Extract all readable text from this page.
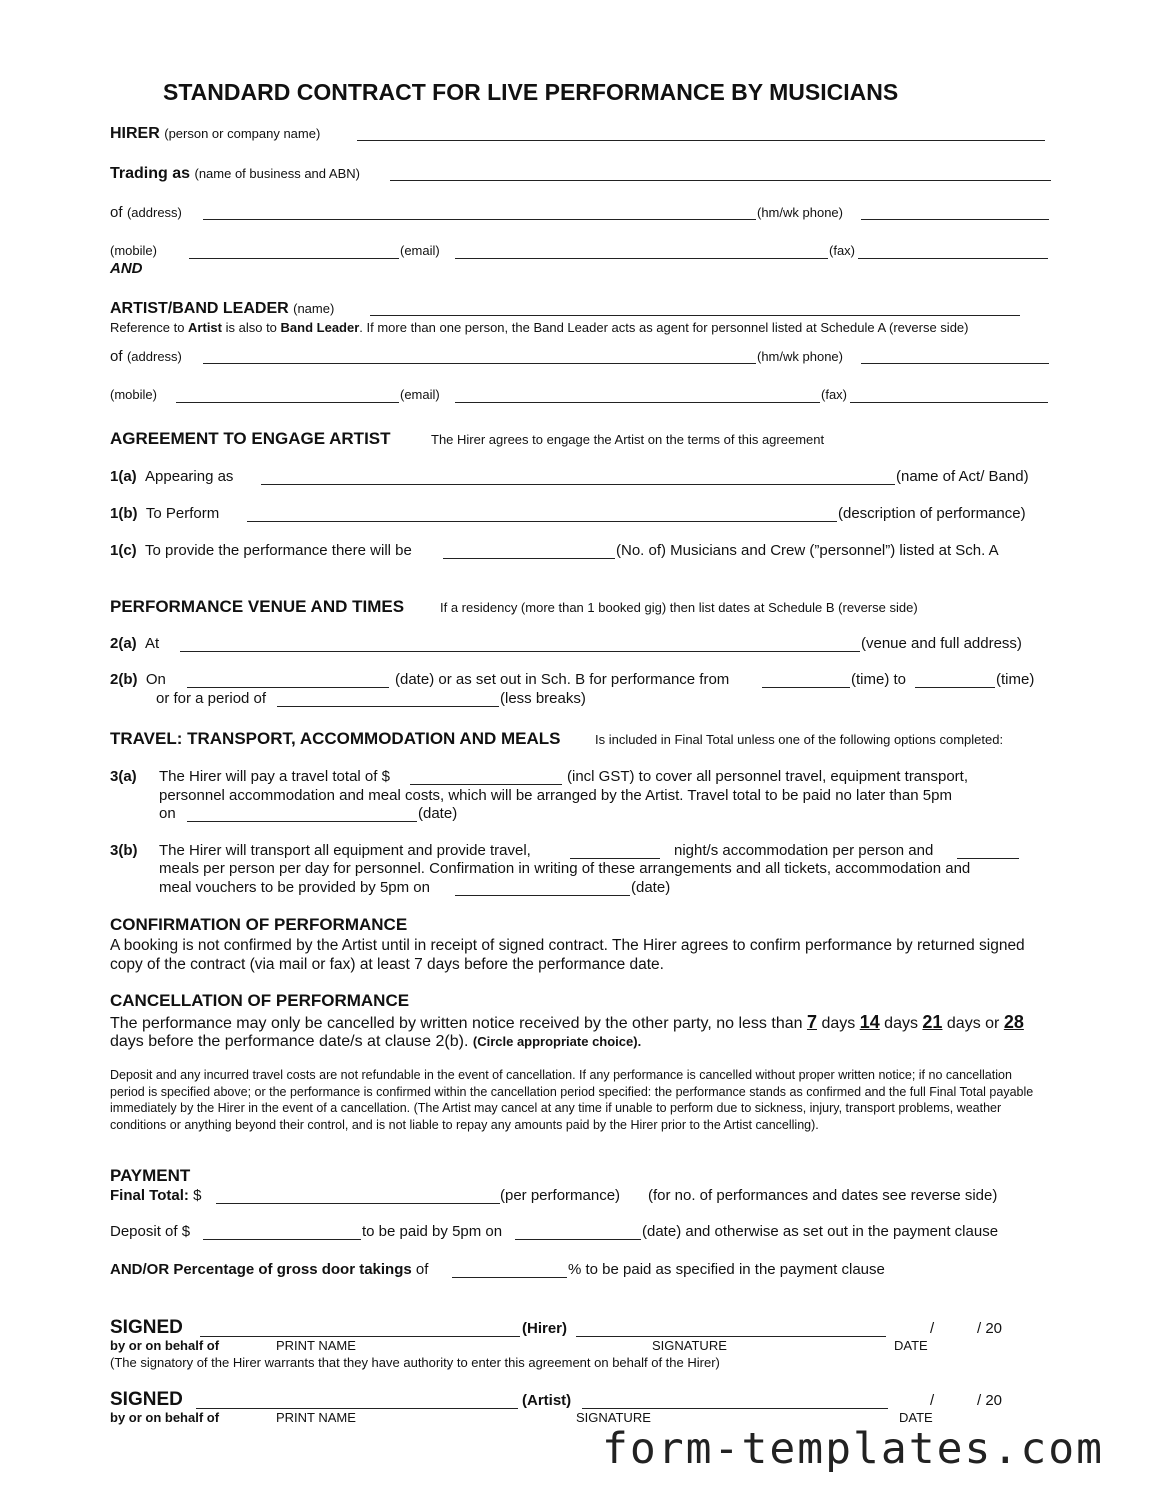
STANDARD CONTRACT FOR LIVE PERFORMANCE BY MUSICIANS
HIRER (person or company name)
Trading as (name of business and ABN)
of (address)	(hm/wk phone)
(mobile)	(email)	(fax)
AND
ARTIST/BAND LEADER (name)
Reference to Artist is also to Band Leader. If more than one person, the Band Leader acts as agent for personnel listed at Schedule A (reverse side)
of (address)	(hm/wk phone)
(mobile)	(email)	(fax)
AGREEMENT TO ENGAGE ARTIST	The Hirer agrees to engage the Artist on the terms of this agreement
1(a) Appearing as	(name of Act/ Band)
1(b) To Perform	(description of performance)
1(c) To provide the performance there will be	(No. of) Musicians and Crew (”personnel”) listed at Sch. A
PERFORMANCE VENUE AND TIMES	If a residency (more than 1 booked gig) then list dates at Schedule B (reverse side)
2(a) At	(venue and full address)
2(b) On	(date) or as set out in Sch. B for performance from	(time) to	(time)
or for a period of	(less breaks)
TRAVEL: TRANSPORT, ACCOMMODATION AND MEALS	Is included in Final Total unless one of the following options completed:
3(a) The Hirer will pay a travel total of $	(incl GST) to cover all personnel travel, equipment transport,
personnel accommodation and meal costs, which will be arranged by the Artist. Travel total to be paid no later than 5pm
on	(date)
3(b) The Hirer will transport all equipment and provide travel,	night/s accommodation per person and
meals per person per day for personnel. Confirmation in writing of these arrangements and all tickets, accommodation and
meal vouchers to be provided by 5pm on	(date)
CONFIRMATION OF PERFORMANCE
A booking is not confirmed by the Artist until in receipt of signed contract. The Hirer agrees to confirm performance by returned signed copy of the contract (via mail or fax) at least 7 days before the performance date.
CANCELLATION OF PERFORMANCE
The performance may only be cancelled by written notice received by the other party, no less than 7 days 14 days 21 days or 28
days before the performance date/s at clause 2(b). (Circle appropriate choice).
Deposit and any incurred travel costs are not refundable in the event of cancellation. If any performance is cancelled without proper written notice; if no cancellation period is specified above; or the performance is confirmed within the cancellation period specified: the performance stands as confirmed and the full Final Total payable immediately by the Hirer in the event of a cancellation. (The Artist may cancel at any time if unable to perform due to sickness, injury, transport problems, weather conditions or anything beyond their control, and is not liable to repay any amounts paid by the Hirer prior to the Artist cancelling).
PAYMENT
Final Total: $	(per performance) (for no. of performances and dates see reverse side)
Deposit of $	to be paid by 5pm on	(date) and otherwise as set out in the payment clause
AND/OR Percentage of gross door takings of	% to be paid as specified in the payment clause
SIGNED	(Hirer)	/	/ 20
by or on behalf of	PRINT NAME	SIGNATURE	DATE
(The signatory of the Hirer warrants that they have authority to enter this agreement on behalf of the Hirer)
SIGNED	(Artist)	/	/ 20
by or on behalf of	PRINT NAME	SIGNATURE	DATE
form-templates.com
